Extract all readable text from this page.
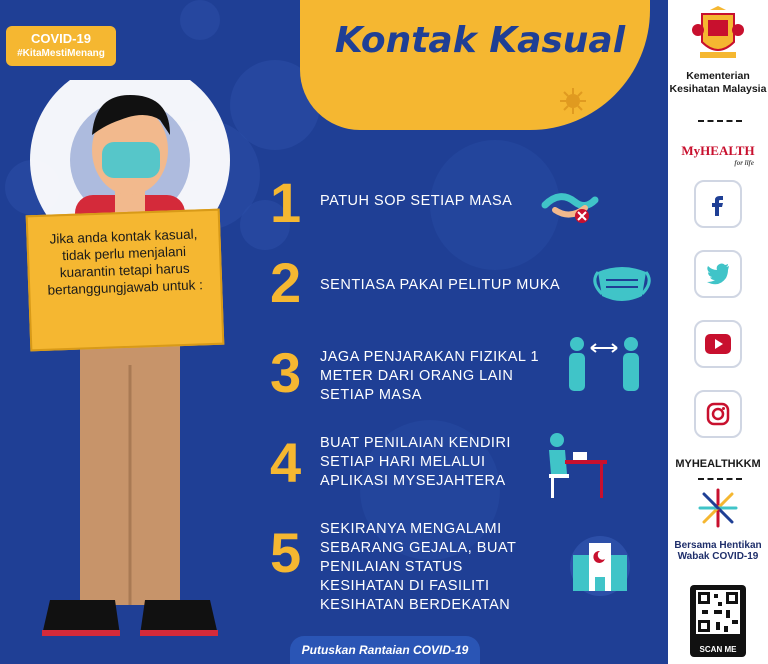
COVID-19
#KitaMestiMenang	Kontak Kasual
Jika anda kontak kasual, tidak perlu menjalani kuarantin tetapi harus bertanggungjawab untuk :
1 PATUH SOP SETIAP MASA
2 SENTIASA PAKAI PELITUP MUKA
3 JAGA PENJARAKAN FIZIKAL 1 METER DARI ORANG LAIN SETIAP MASA
4 BUAT PENILAIAN KENDIRI SETIAP HARI MELALUI APLIKASI MYSEJAHTERA
5 SEKIRANYA MENGALAMI SEBARANG GEJALA, BUAT PENILAIAN STATUS KESIHATAN DI FASILITI KESIHATAN BERDEKATAN
Putuskan Rantaian COVID-19
Kementerian Kesihatan Malaysia
MyHEALTH
for life
MYHEALTHKKM
Bersama Hentikan Wabak COVID-19
SCAN ME
